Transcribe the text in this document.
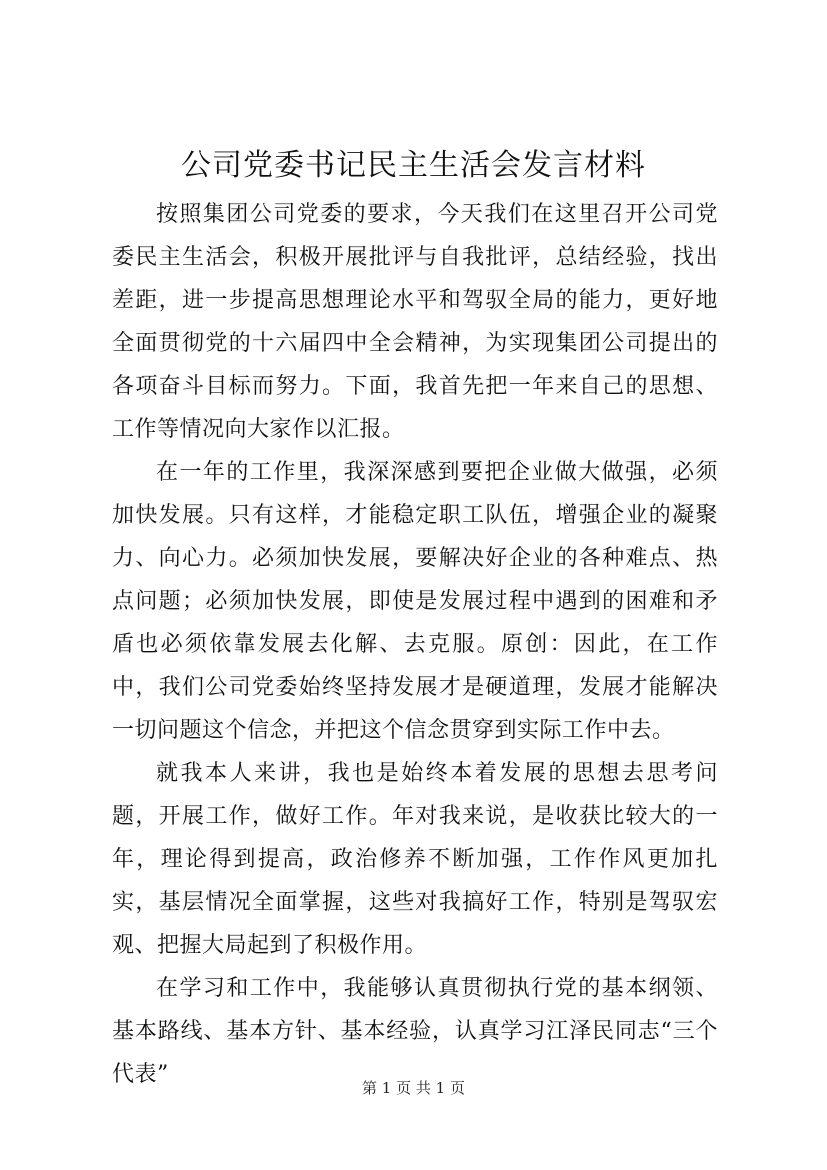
公司党委书记民主生活会发言材料

按照集团公司党委的要求，今天我们在这里召开公司党委民主生活会，积极开展批评与自我批评，总结经验，找出差距，进一步提高思想理论水平和驾驭全局的能力，更好地全面贯彻党的十六届四中全会精神，为实现集团公司提出的各项奋斗目标而努力。下面，我首先把一年来自己的思想、工作等情况向大家作以汇报。

在一年的工作里，我深深感到要把企业做大做强，必须加快发展。只有这样，才能稳定职工队伍，增强企业的凝聚力、向心力。必须加快发展，要解决好企业的各种难点、热点问题；必须加快发展，即使是发展过程中遇到的困难和矛盾也必须依靠发展去化解、去克服。原创：因此，在工作中，我们公司党委始终坚持发展才是硬道理，发展才能解决一切问题这个信念，并把这个信念贯穿到实际工作中去。

就我本人来讲，我也是始终本着发展的思想去思考问题，开展工作，做好工作。年对我来说，是收获比较大的一年，理论得到提高，政治修养不断加强，工作作风更加扎实，基层情况全面掌握，这些对我搞好工作，特别是驾驭宏观、把握大局起到了积极作用。

在学习和工作中，我能够认真贯彻执行党的基本纲领、基本路线、基本方针、基本经验，认真学习江泽民同志“三个代表”

第 1 页 共 1 页
